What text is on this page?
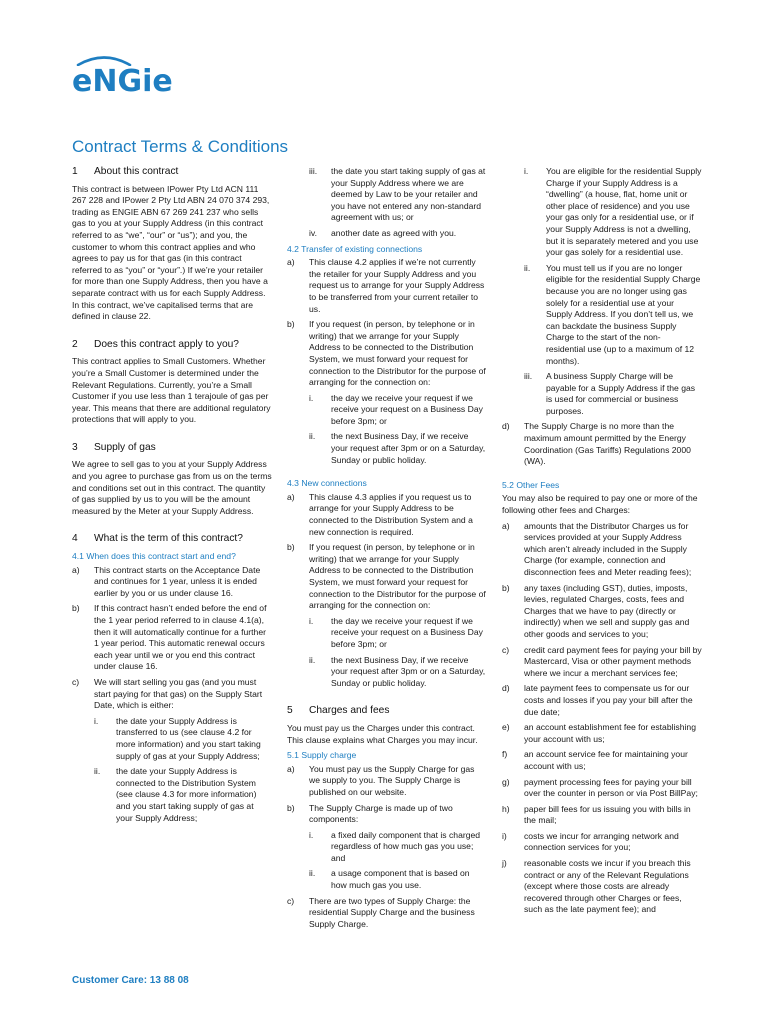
eNGie
Contract Terms & Conditions
1	About this contract

This contract is between IPower Pty Ltd ACN 111 267 228 and IPower 2 Pty Ltd ABN 24 070 374 293, trading as ENGIE ABN 67 269 241 237 who sells gas to you at your Supply Address (in this contract referred to as “we”, “our” or “us”); and you, the customer to whom this contract applies and who agrees to pay us for that gas (in this contract referred to as “you” or “your”.) If we’re your retailer for more than one Supply Address, then you have a separate contract with us for each Supply Address. In this contract, we’ve capitalised terms that are defined in clause 22.

2	Does this contract apply to you?

This contract applies to Small Customers. Whether you’re a Small Customer is determined under the Relevant Regulations. Currently, you’re a Small Customer if you use less than 1 terajoule of gas per year. This means that there are additional regulatory protections that will apply to you.

3	Supply of gas

We agree to sell gas to you at your Supply Address and you agree to purchase gas from us on the terms and conditions set out in this contract. The quantity of gas supplied by us to you will be the amount measured by the Meter at your Supply Address.

4	What is the term of this contract?
4.1 When does this contract start and end?
a)	This contract starts on the Acceptance Date and continues for 1 year, unless it is ended earlier by you or us under clause 16.
b)	If this contract hasn’t ended before the end of the 1 year period referred to in clause 4.1(a), then it will automatically continue for a further 1 year period. This automatic renewal occurs each year until we or you end this contract under clause 16.
c)	We will start selling you gas (and you must start paying for that gas) on the Supply Start Date, which is either:
i.	the date your Supply Address is transferred to us (see clause 4.2 for more information) and you start taking supply of gas at your Supply Address;
ii.	the date your Supply Address is connected to the Distribution System (see clause 4.3 for more information) and you start taking supply of gas at your Supply Address;
iii.	the date you start taking supply of gas at your Supply Address where we are deemed by Law to be your retailer and you have not entered any non-standard agreement with us; or
iv.	another date as agreed with you.
4.2 Transfer of existing connections
a)	This clause 4.2 applies if we’re not currently the retailer for your Supply Address and you request us to arrange for your Supply Address to be transferred from your current retailer to us.
b)	If you request (in person, by telephone or in writing) that we arrange for your Supply Address to be connected to the Distribution System, we must forward your request for connection to the Distributor for the purpose of arranging for the connection on:
i.	the day we receive your request if we receive your request on a Business Day before 3pm; or
ii.	the next Business Day, if we receive your request after 3pm or on a Saturday, Sunday or public holiday.
4.3 New connections
a)	This clause 4.3 applies if you request us to arrange for your Supply Address to be connected to the Distribution System and a new connection is required.
b)	If you request (in person, by telephone or in writing) that we arrange for your Supply Address to be connected to the Distribution System, we must forward your request for connection to the Distributor for the purpose of arranging for the connection on:
i.	the day we receive your request if we receive your request on a Business Day before 3pm; or
ii.	the next Business Day, if we receive your request after 3pm or on a Saturday, Sunday or public holiday.
5	Charges and fees

You must pay us the Charges under this contract. This clause explains what Charges you may incur.

5.1 Supply charge
a)	You must pay us the Supply Charge for gas we supply to you. The Supply Charge is published on our website.
b)	The Supply Charge is made up of two components:
i.	a fixed daily component that is charged regardless of how much gas you use; and
ii.	a usage component that is based on how much gas you use.
c)	There are two types of Supply Charge: the residential Supply Charge and the business Supply Charge.
i.	You are eligible for the residential Supply Charge if your Supply Address is a “dwelling” (a house, flat, home unit or other place of residence) and you use your gas only for a residential use, or if your Supply Address is not a dwelling, but it is separately metered and you use your gas solely for a residential use.
ii.	You must tell us if you are no longer eligible for the residential Supply Charge because you are no longer using gas solely for a residential use at your Supply Address. If you don’t tell us, we can backdate the business Supply Charge to the start of the non- residential use (up to a maximum of 12 months).
iii.	A business Supply Charge will be payable for a Supply Address if the gas is used for commercial or business purposes.
d)	The Supply Charge is no more than the maximum amount permitted by the Energy Coordination (Gas Tariffs) Regulations 2000 (WA).
5.2 Other Fees

You may also be required to pay one or more of the following other fees and Charges:

a)	amounts that the Distributor Charges us for services provided at your Supply Address which aren’t already included in the Supply Charge (for example, connection and disconnection fees and Meter reading fees);
b)	any taxes (including GST), duties, imposts, levies, regulated Charges, costs, fees and Charges that we have to pay (directly or indirectly) when we sell and supply gas and other goods and services to you;
c)	credit card payment fees for paying your bill by Mastercard, Visa or other payment methods where we incur a merchant services fee;
d)	late payment fees to compensate us for our costs and losses if you pay your bill after the due date;
e)	an account establishment fee for establishing your account with us;
f)	an account service fee for maintaining your account with us;
g)	payment processing fees for paying your bill over the counter in person or via Post BillPay;
h)	paper bill fees for us issuing you with bills in the mail;
i)	costs we incur for arranging network and connection services for you;
j)	reasonable costs we incur if you breach this contract or any of the Relevant Regulations (except where those costs are already recovered through other Charges or fees, such as the late payment fee); and
Customer Care: 13 88 08
